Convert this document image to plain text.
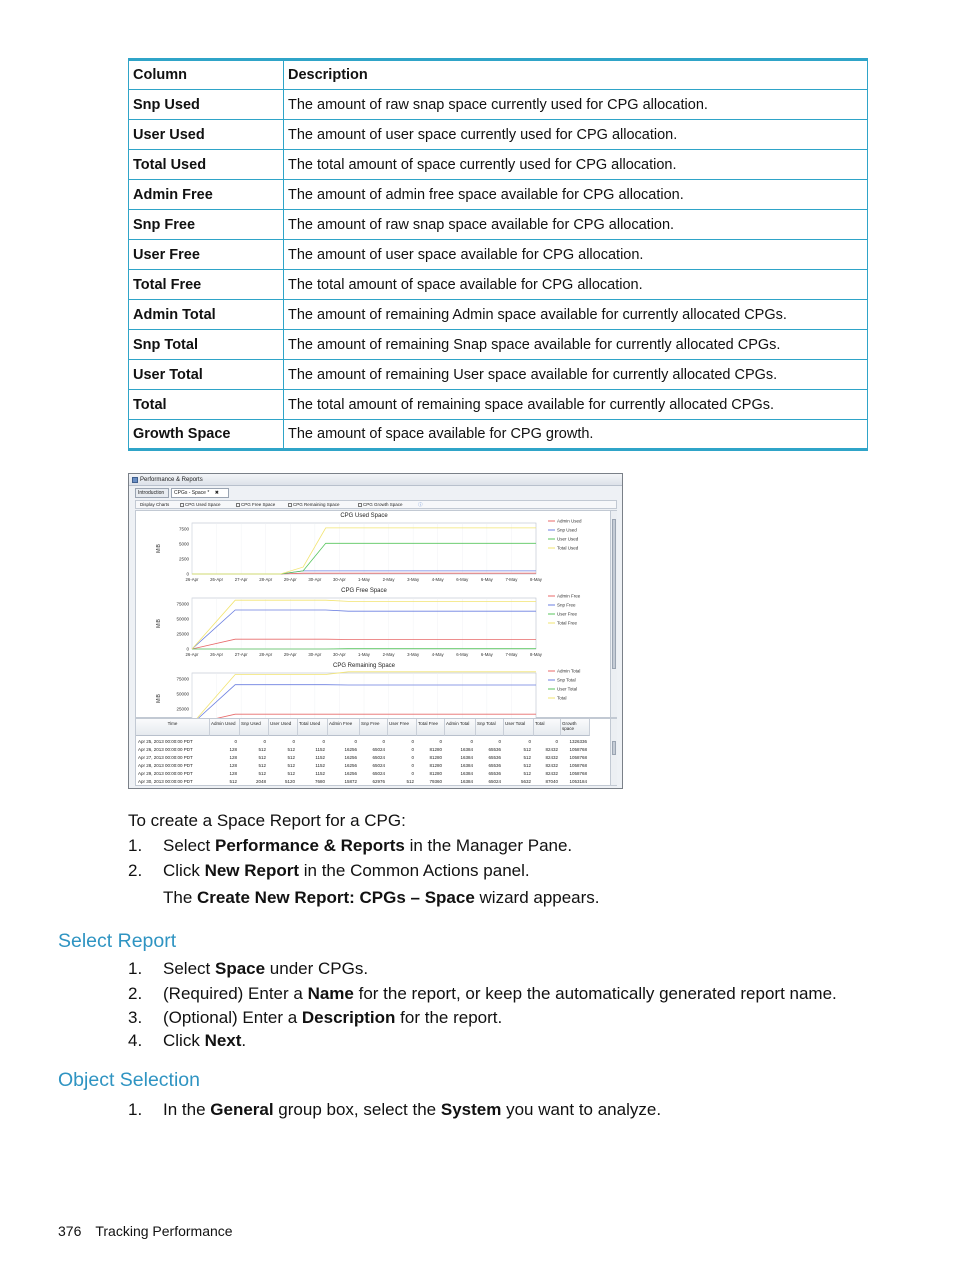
Column	Description
Snp Used	The amount of raw snap space currently used for CPG allocation.
User Used	The amount of user space currently used for CPG allocation.
Total Used	The total amount of space currently used for CPG allocation.
Admin Free	The amount of admin free space available for CPG allocation.
Snp Free	The amount of raw snap space available for CPG allocation.
User Free	The amount of user space available for CPG allocation.
Total Free	The total amount of space available for CPG allocation.
Admin Total	The amount of remaining Admin space available for currently allocated CPGs.
Snp Total	The amount of remaining Snap space available for currently allocated CPGs.
User Total	The amount of remaining User space available for currently allocated CPGs.
Total	The total amount of remaining space available for currently allocated CPGs.
Growth Space	The amount of space available for CPG growth.
Performance & Reports
Introduction	CPGs - Space * ✖
Display Charts	CPG Used Space	CPG Free Space	CPG Remaining Space	CPG Growth Space	ⓘ
CPG Used Space
MiB
7500
5000
2500
0
26-Apr	26-Apr	27-Apr	28-Apr	29-Apr	30-Apr	30-Apr	1-May	2-May	3-May	4-May	6-May	6-May	7-May	8-May
Admin Used
Snp Used
User Used
Total Used
CPG Free Space
MiB
75000
50000
25000
0
26-Apr	26-Apr	27-Apr	28-Apr	29-Apr	30-Apr	30-Apr	1-May	2-May	3-May	4-May	6-May	6-May	7-May	8-May
Admin Free
Snp Free
User Free
Total Free
CPG Remaining Space
MiB
75000
50000
25000
Admin Total
Snp Total
User Total
Total
Time	Admin Used	Snp Used	User Used	Total Used	Admin Free	Snp Free	User Free	Total Free	Admin Total	Snp Total	User Total	Total	Growth space
Apr 25, 2013 00:00:00 PDT	0	0	0	0	0	0	0	0	0	0	0	0	1326336
Apr 26, 2013 00:00:00 PDT	128	512	512	1152	16256	65024	0	81280	16384	65536	512	82432	1058768
Apr 27, 2013 00:00:00 PDT	128	512	512	1152	16256	65024	0	81280	16384	65536	512	82432	1058768
Apr 28, 2013 00:00:00 PDT	128	512	512	1152	16256	65024	0	81280	16384	65536	512	82432	1058768
Apr 29, 2013 00:00:00 PDT	128	512	512	1152	16256	65024	0	81280	16384	65536	512	82432	1058768
Apr 30, 2013 00:00:00 PDT	512	2048	5120	7680	15872	62976	512	79360	16384	65024	5632	87040	1053184
To create a Space Report for a CPG:
1. Select Performance & Reports in the Manager Pane.
2. Click New Report in the Common Actions panel.
The Create New Report: CPGs – Space wizard appears.
Select Report
1. Select Space under CPGs.
2. (Required) Enter a Name for the report, or keep the automatically generated report name.
3. (Optional) Enter a Description for the report.
4. Click Next.
Object Selection
1. In the General group box, select the System you want to analyze.
376 Tracking Performance
